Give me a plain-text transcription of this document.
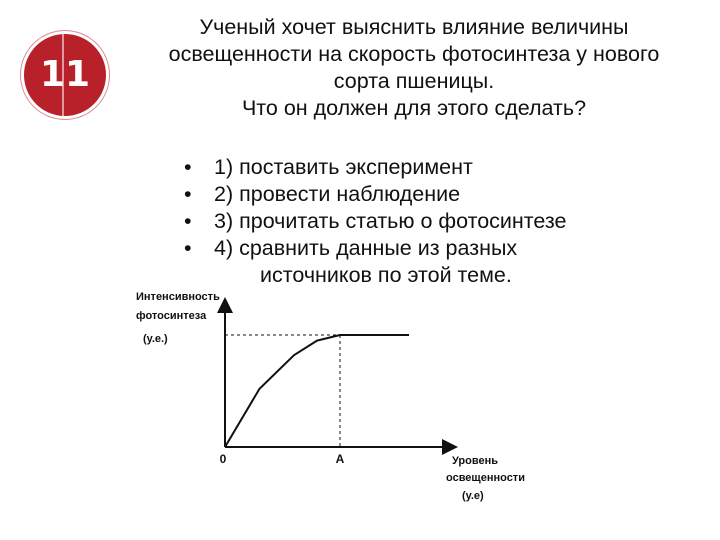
11

Ученый хочет выяснить влияние величины

освещенности на скорость фотосинтеза у нового

сорта пшеницы.

Что он должен для этого сделать?

• 1) поставить эксперимент
• 2) провести наблюдение
• 3) прочитать статью о фотосинтезе
• 4) сравнить данные из разных
источников по этой теме.
0	A
Интенсивность
фотосинтеза
(у.е.)
Уровень
освещенности
(у.е)
